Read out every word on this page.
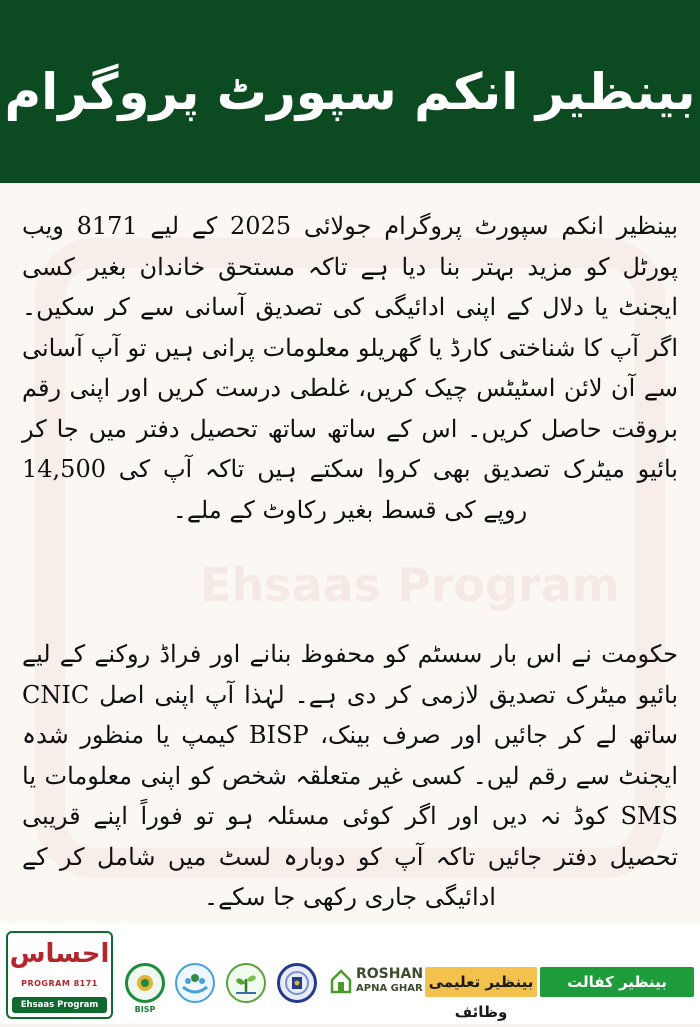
بینظیر انکم سپورٹ پروگرام
Ehsaas Program
بینظیر انکم سپورٹ پروگرام جولائی 2025 کے لیے 8171 ویب پورٹل کو مزید بہتر بنا دیا ہے تاکہ مستحق خاندان بغیر کسی ایجنٹ یا دلال کے اپنی ادائیگی کی تصدیق آسانی سے کر سکیں۔ اگر آپ کا شناختی کارڈ یا گھریلو معلومات پرانی ہیں تو آپ آسانی سے آن لائن اسٹیٹس چیک کریں، غلطی درست کریں اور اپنی رقم بروقت حاصل کریں۔ اس کے ساتھ ساتھ تحصیل دفتر میں جا کر بائیو میٹرک تصدیق بھی کروا سکتے ہیں تاکہ آپ کی 14,500 روپے کی قسط بغیر رکاوٹ کے ملے۔
حکومت نے اس بار سسٹم کو محفوظ بنانے اور فراڈ روکنے کے لیے بائیو میٹرک تصدیق لازمی کر دی ہے۔ لہٰذا آپ اپنی اصل CNIC ساتھ لے کر جائیں اور صرف بینک، BISP کیمپ یا منظور شدہ ایجنٹ سے رقم لیں۔ کسی غیر متعلقہ شخص کو اپنی معلومات یا SMS کوڈ نہ دیں اور اگر کوئی مسئلہ ہو تو فوراً اپنے قریبی تحصیل دفتر جائیں تاکہ آپ کو دوبارہ لسٹ میں شامل کر کے ادائیگی جاری رکھی جا سکے۔
احساس
PROGRAM 8171
Ehsaas Program	BISP
ROSHAN
APNA GHAR بینظیر تعلیمی وظائف
بینظیر کفالت
